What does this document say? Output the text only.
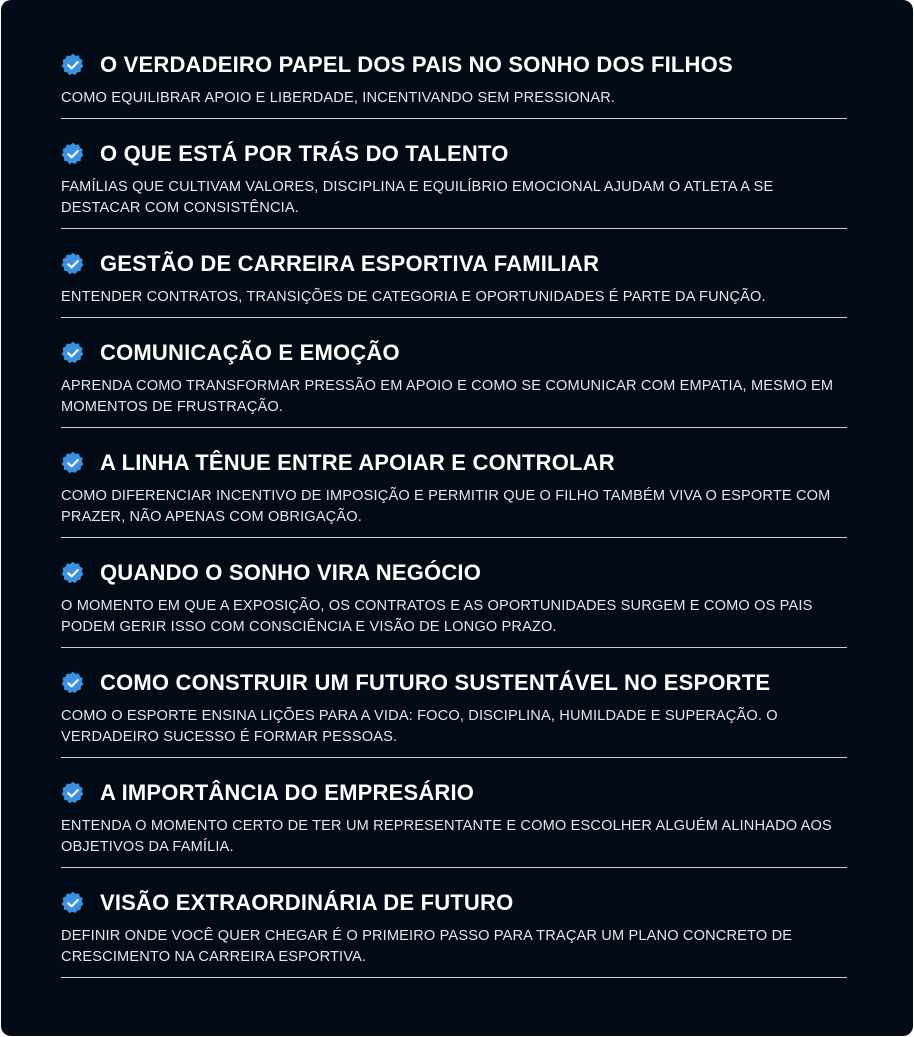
O VERDADEIRO PAPEL DOS PAIS NO SONHO DOS FILHOS
COMO EQUILIBRAR APOIO E LIBERDADE, INCENTIVANDO SEM PRESSIONAR.
O QUE ESTÁ POR TRÁS DO TALENTO
FAMÍLIAS QUE CULTIVAM VALORES, DISCIPLINA E EQUILÍBRIO EMOCIONAL AJUDAM O ATLETA A SE DESTACAR COM CONSISTÊNCIA.
GESTÃO DE CARREIRA ESPORTIVA FAMILIAR
ENTENDER CONTRATOS, TRANSIÇÕES DE CATEGORIA E OPORTUNIDADES É PARTE DA FUNÇÃO.
COMUNICAÇÃO E EMOÇÃO
APRENDA COMO TRANSFORMAR PRESSÃO EM APOIO E COMO SE COMUNICAR COM EMPATIA, MESMO EM MOMENTOS DE FRUSTRAÇÃO.
A LINHA TÊNUE ENTRE APOIAR E CONTROLAR
COMO DIFERENCIAR INCENTIVO DE IMPOSIÇÃO E PERMITIR QUE O FILHO TAMBÉM VIVA O ESPORTE COM PRAZER, NÃO APENAS COM OBRIGAÇÃO.
QUANDO O SONHO VIRA NEGÓCIO
O MOMENTO EM QUE A EXPOSIÇÃO, OS CONTRATOS E AS OPORTUNIDADES SURGEM E COMO OS PAIS PODEM GERIR ISSO COM CONSCIÊNCIA E VISÃO DE LONGO PRAZO.
COMO CONSTRUIR UM FUTURO SUSTENTÁVEL NO ESPORTE
COMO O ESPORTE ENSINA LIÇÕES PARA A VIDA: FOCO, DISCIPLINA, HUMILDADE E SUPERAÇÃO. O VERDADEIRO SUCESSO É FORMAR PESSOAS.
A IMPORTÂNCIA DO EMPRESÁRIO
ENTENDA O MOMENTO CERTO DE TER UM REPRESENTANTE E COMO ESCOLHER ALGUÉM ALINHADO AOS OBJETIVOS DA FAMÍLIA.
VISÃO EXTRAORDINÁRIA DE FUTURO
DEFINIR ONDE VOCÊ QUER CHEGAR É O PRIMEIRO PASSO PARA TRAÇAR UM PLANO CONCRETO DE CRESCIMENTO NA CARREIRA ESPORTIVA.
